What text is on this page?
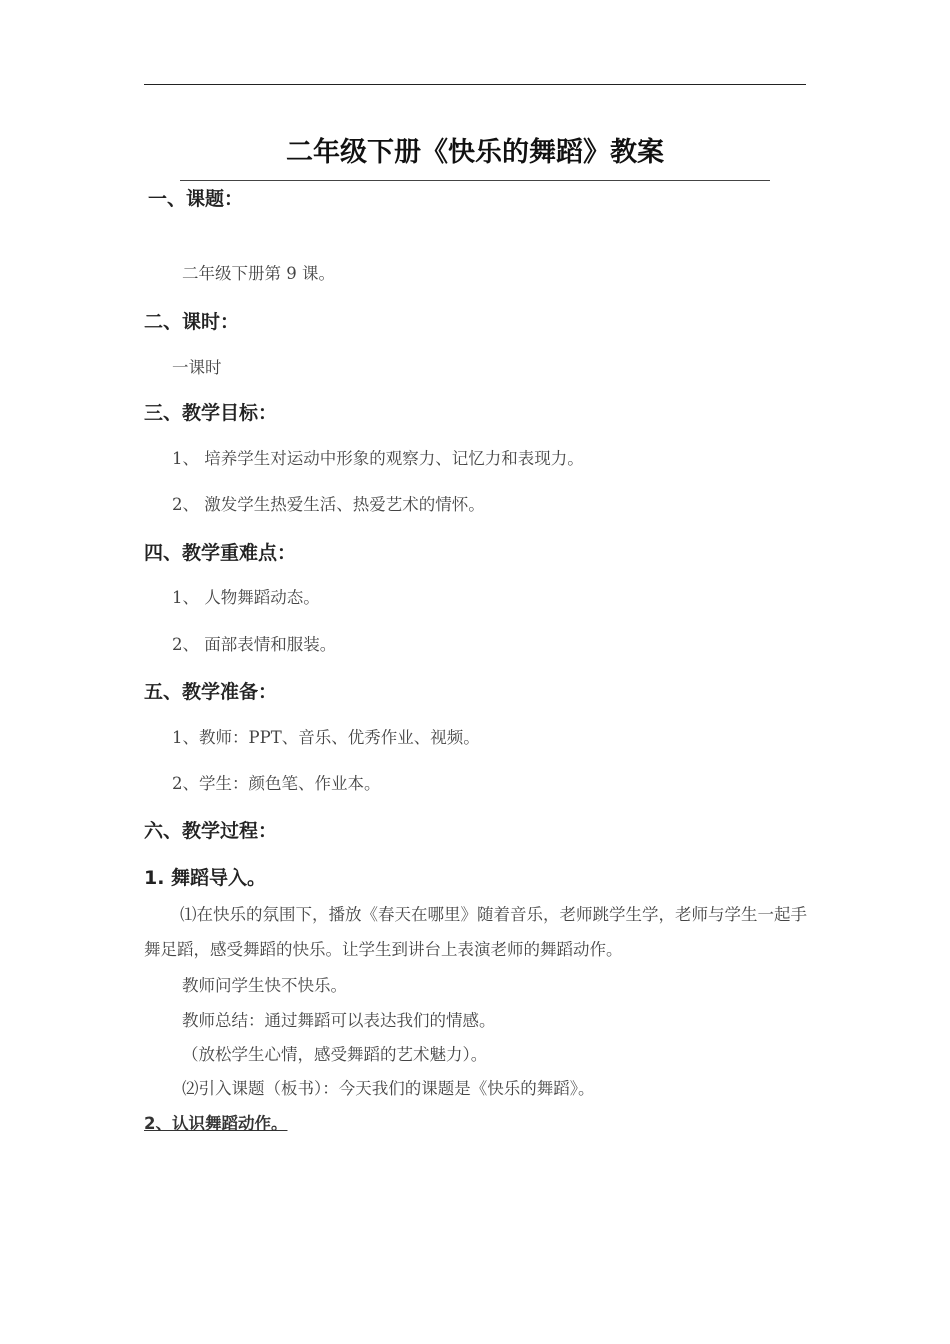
二年级下册《快乐的舞蹈》教案
一、课题：
二年级下册第 9 课。
二、课时：
一课时
三、教学目标：
1、 培养学生对运动中形象的观察力、记忆力和表现力。
2、 激发学生热爱生活、热爱艺术的情怀。
四、教学重难点：
1、 人物舞蹈动态。
2、 面部表情和服装。
五、教学准备：
1、教师：PPT、音乐、优秀作业、视频。
2、学生：颜色笔、作业本。
六、教学过程：
1. 舞蹈导入。
⑴在快乐的氛围下，播放《春天在哪里》随着音乐，老师跳学生学，老师与学生一起手舞足蹈，感受舞蹈的快乐。让学生到讲台上表演老师的舞蹈动作。
教师问学生快不快乐。
教师总结：通过舞蹈可以表达我们的情感。
（放松学生心情，感受舞蹈的艺术魅力）。
⑵引入课题（板书）：今天我们的课题是《快乐的舞蹈》。
2、认识舞蹈动作。
